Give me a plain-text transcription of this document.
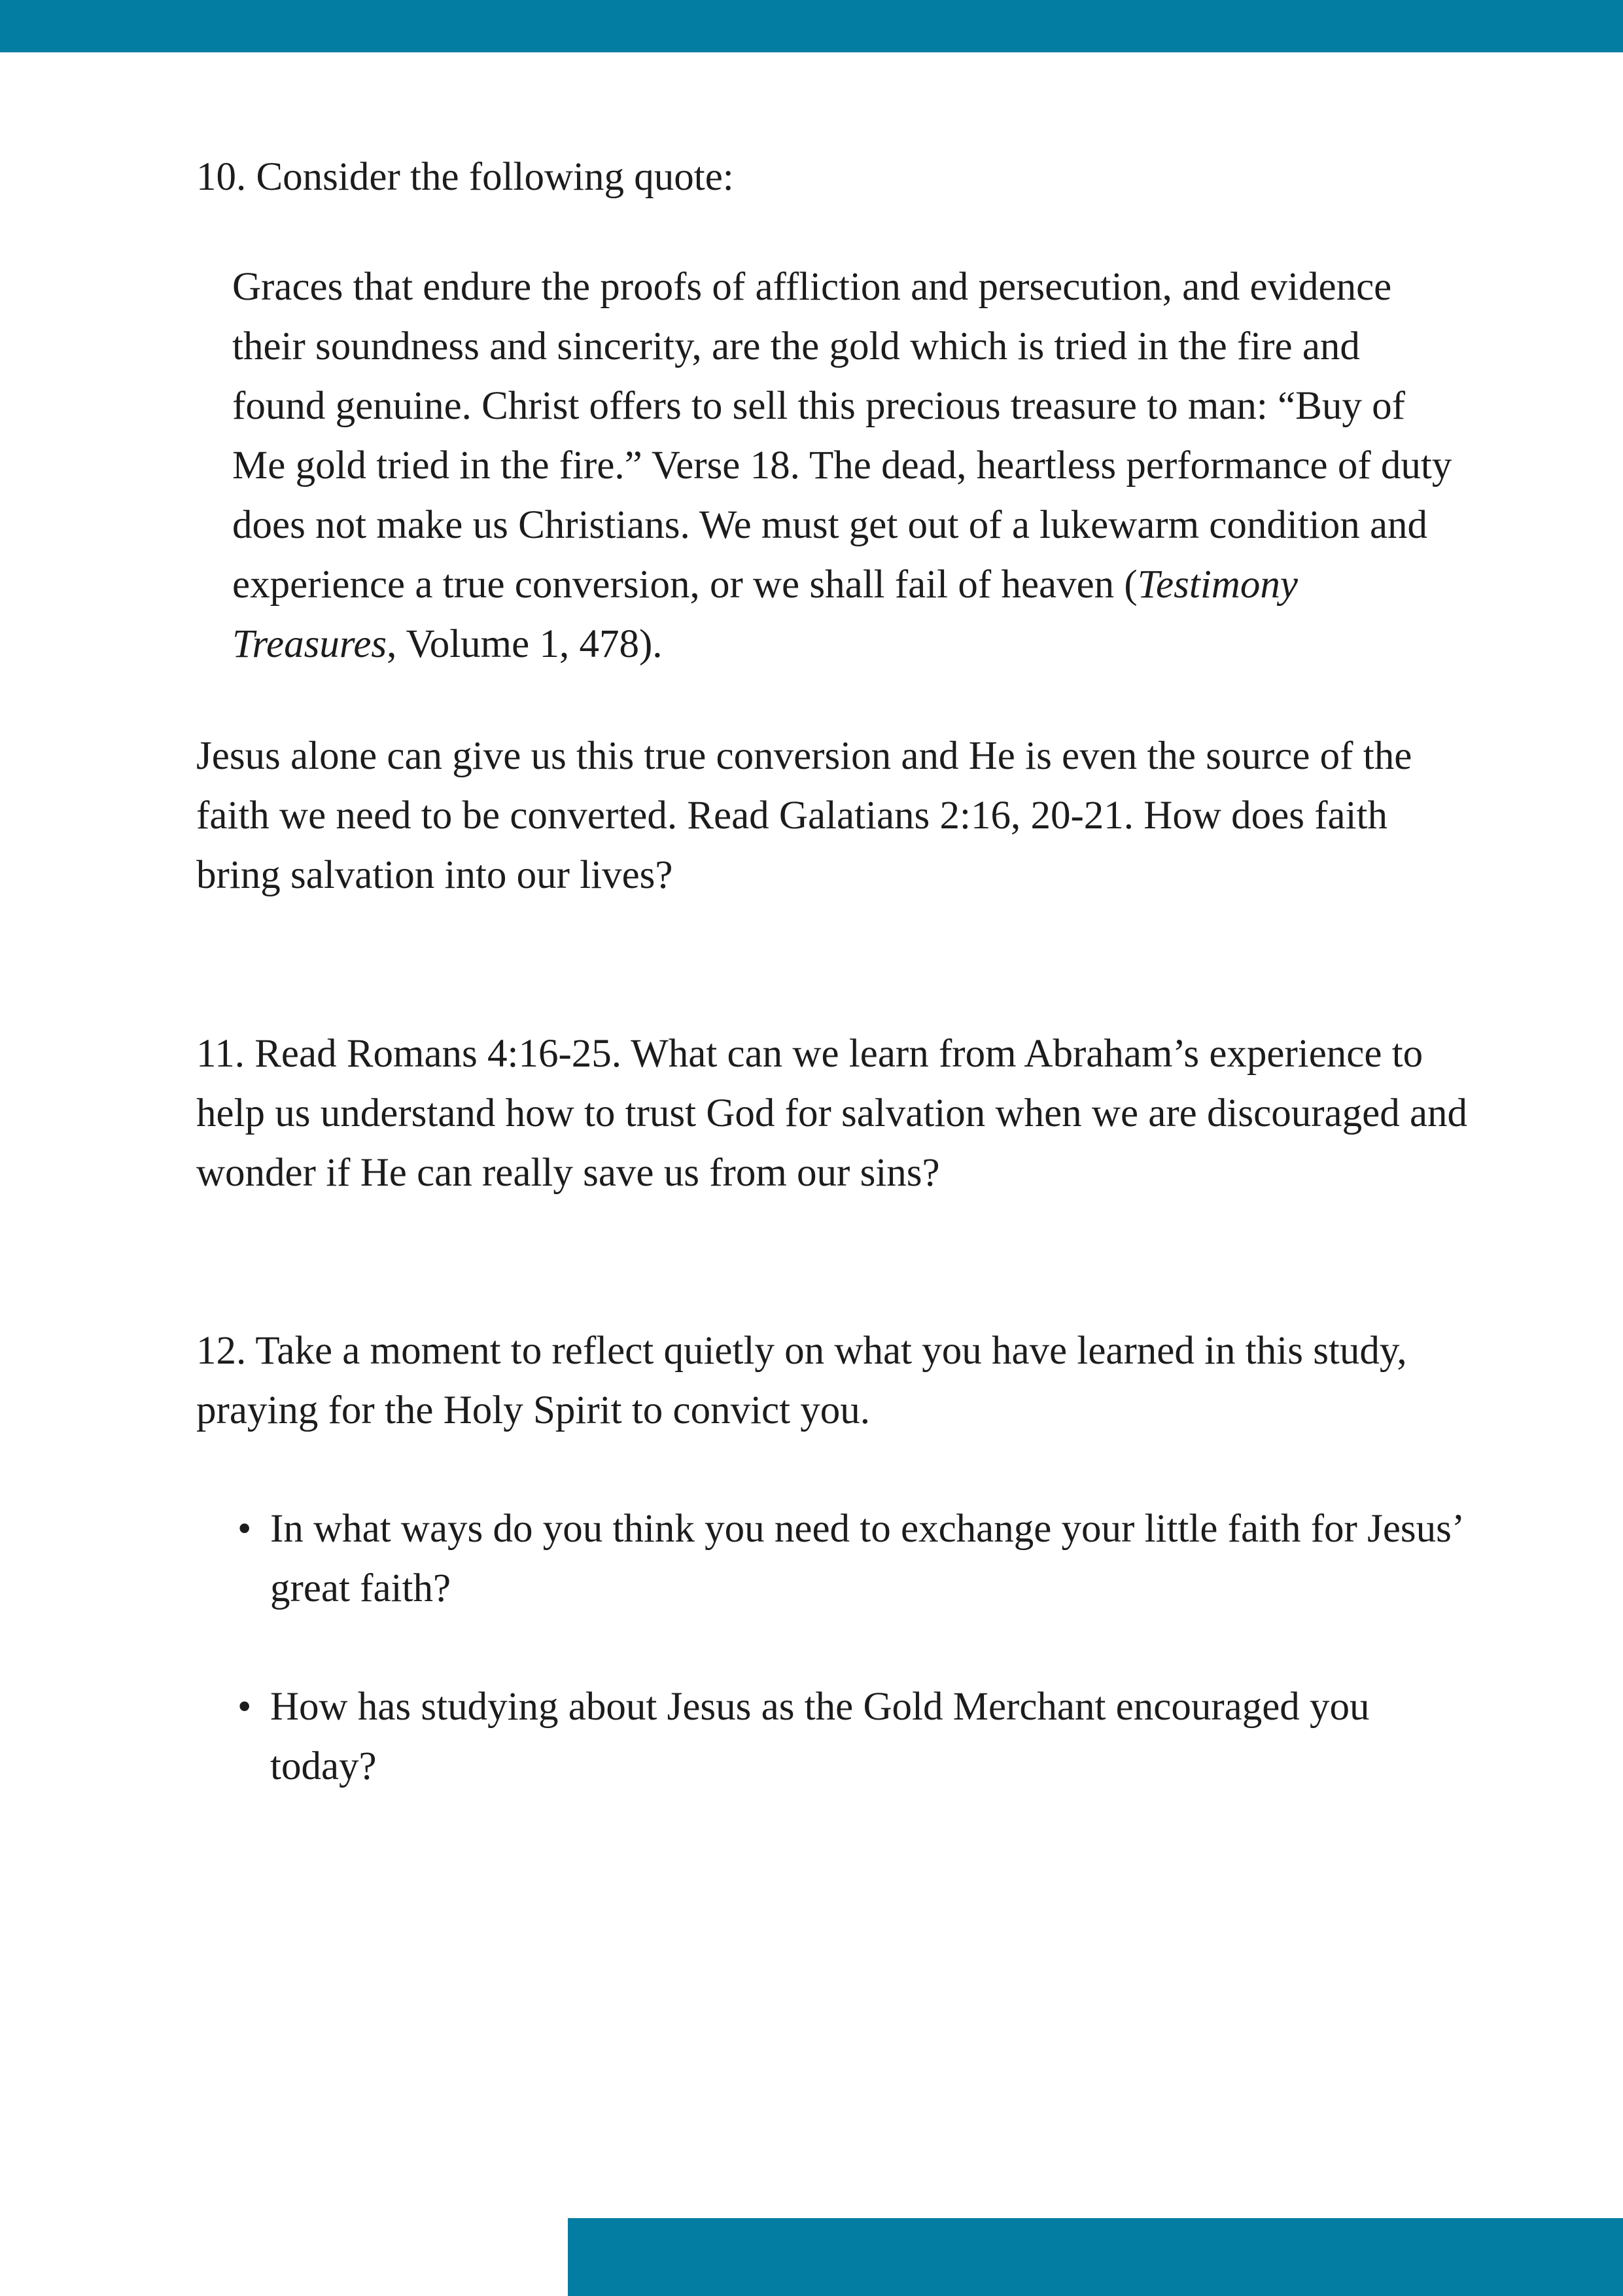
10. Consider the following quote:

Graces that endure the proofs of affliction and persecution, and evidence their soundness and sincerity, are the gold which is tried in the fire and found genuine. Christ offers to sell this precious treasure to man: “Buy of Me gold tried in the fire.” Verse 18. The dead, heartless performance of duty does not make us Christians. We must get out of a lukewarm condition and experience a true conversion, or we shall fail of heaven (Testimony Treasures, Volume 1, 478).

Jesus alone can give us this true conversion and He is even the source of the faith we need to be converted. Read Galatians 2:16, 20-21. How does faith bring salvation into our lives?

11. Read Romans 4:16-25. What can we learn from Abraham’s experience to help us understand how to trust God for salvation when we are discouraged and wonder if He can really save us from our sins?

12. Take a moment to reflect quietly on what you have learned in this study, praying for the Holy Spirit to convict you.

• In what ways do you think you need to exchange your little faith for Jesus’ great faith?
• How has studying about Jesus as the Gold Merchant encouraged you today?
